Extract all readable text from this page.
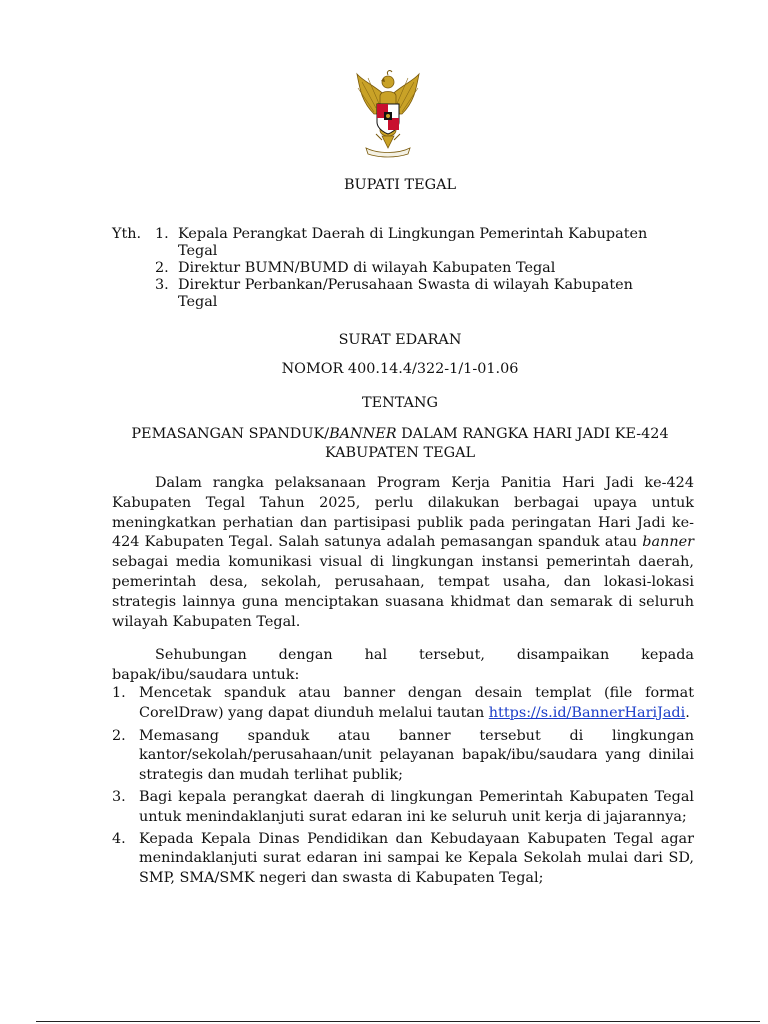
BUPATI TEGAL
Yth. 1. Kepala Perangkat Daerah di Lingkungan Pemerintah Kabupaten Tegal
2. Direktur BUMN/BUMD di wilayah Kabupaten Tegal
3. Direktur Perbankan/Perusahaan Swasta di wilayah Kabupaten Tegal
SURAT EDARAN
NOMOR 400.14.4/322-1/1-01.06
TENTANG
PEMASANGAN SPANDUK/BANNER DALAM RANGKA HARI JADI KE-424
KABUPATEN TEGAL
Dalam rangka pelaksanaan Program Kerja Panitia Hari Jadi ke-424 Kabupaten Tegal Tahun 2025, perlu dilakukan berbagai upaya untuk meningkatkan perhatian dan partisipasi publik pada peringatan Hari Jadi ke-424 Kabupaten Tegal. Salah satunya adalah pemasangan spanduk atau banner sebagai media komunikasi visual di lingkungan instansi pemerintah daerah, pemerintah desa, sekolah, perusahaan, tempat usaha, dan lokasi-lokasi strategis lainnya guna menciptakan suasana khidmat dan semarak di seluruh wilayah Kabupaten Tegal.
Sehubungan dengan hal tersebut, disampaikan kepada
bapak/ibu/saudara untuk:
1. Mencetak spanduk atau banner dengan desain templat (file format CorelDraw) yang dapat diunduh melalui tautan https://s.id/BannerHariJadi.
2. Memasang spanduk atau banner tersebut di lingkungan kantor/sekolah/perusahaan/unit pelayanan bapak/ibu/saudara yang dinilai strategis dan mudah terlihat publik;
3. Bagi kepala perangkat daerah di lingkungan Pemerintah Kabupaten Tegal untuk menindaklanjuti surat edaran ini ke seluruh unit kerja di jajarannya;
4. Kepada Kepala Dinas Pendidikan dan Kebudayaan Kabupaten Tegal agar menindaklanjuti surat edaran ini sampai ke Kepala Sekolah mulai dari SD, SMP, SMA/SMK negeri dan swasta di Kabupaten Tegal;
